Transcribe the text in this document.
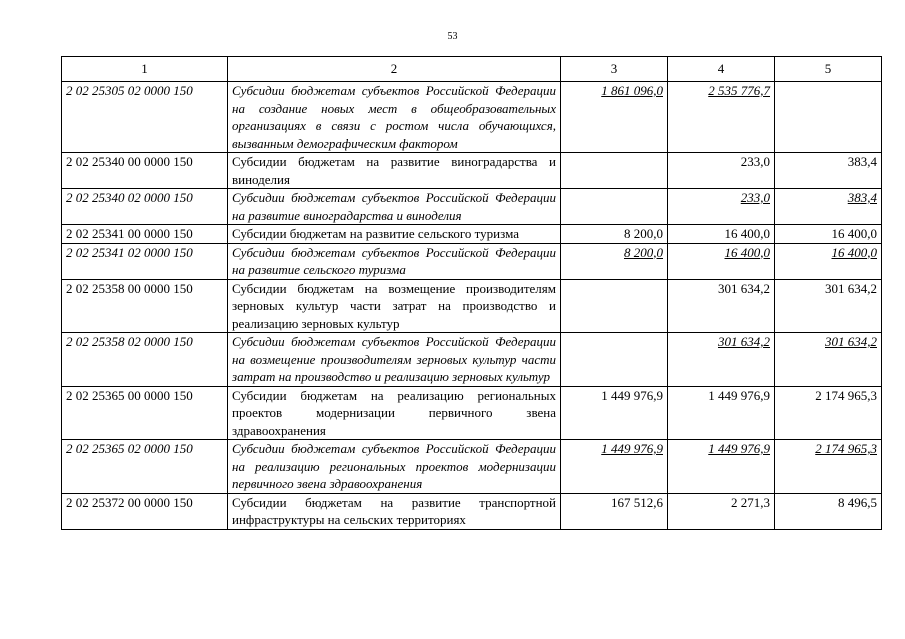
53
1	2	3	4	5
2 02 25305 02 0000 150	Субсидии бюджетам субъектов Российской Федерации на создание новых мест в общеобразовательных организациях в связи с ростом числа обучающихся, вызванным демографическим фактором	1 861 096,0	2 535 776,7	
2 02 25340 00 0000 150	Субсидии бюджетам на развитие виноградарства и виноделия		233,0	383,4
2 02 25340 02 0000 150	Субсидии бюджетам субъектов Российской Федерации на развитие виноградарства и виноделия		233,0	383,4
2 02 25341 00 0000 150	Субсидии бюджетам на развитие сельского туризма	8 200,0	16 400,0	16 400,0
2 02 25341 02 0000 150	Субсидии бюджетам субъектов Российской Федерации на развитие сельского туризма	8 200,0	16 400,0	16 400,0
2 02 25358 00 0000 150	Субсидии бюджетам на возмещение производителям зерновых культур части затрат на производство и реализацию зерновых культур		301 634,2	301 634,2
2 02 25358 02 0000 150	Субсидии бюджетам субъектов Российской Федерации на возмещение производителям зерновых культур части затрат на производство и реализацию зерновых культур		301 634,2	301 634,2
2 02 25365 00 0000 150	Субсидии бюджетам на реализацию региональных проектов модернизации первичного звена здравоохранения	1 449 976,9	1 449 976,9	2 174 965,3
2 02 25365 02 0000 150	Субсидии бюджетам субъектов Российской Федерации на реализацию региональных проектов модернизации первичного звена здравоохранения	1 449 976,9	1 449 976,9	2 174 965,3
2 02 25372 00 0000 150	Субсидии бюджетам на развитие транспортной инфраструктуры на сельских территориях	167 512,6	2 271,3	8 496,5
